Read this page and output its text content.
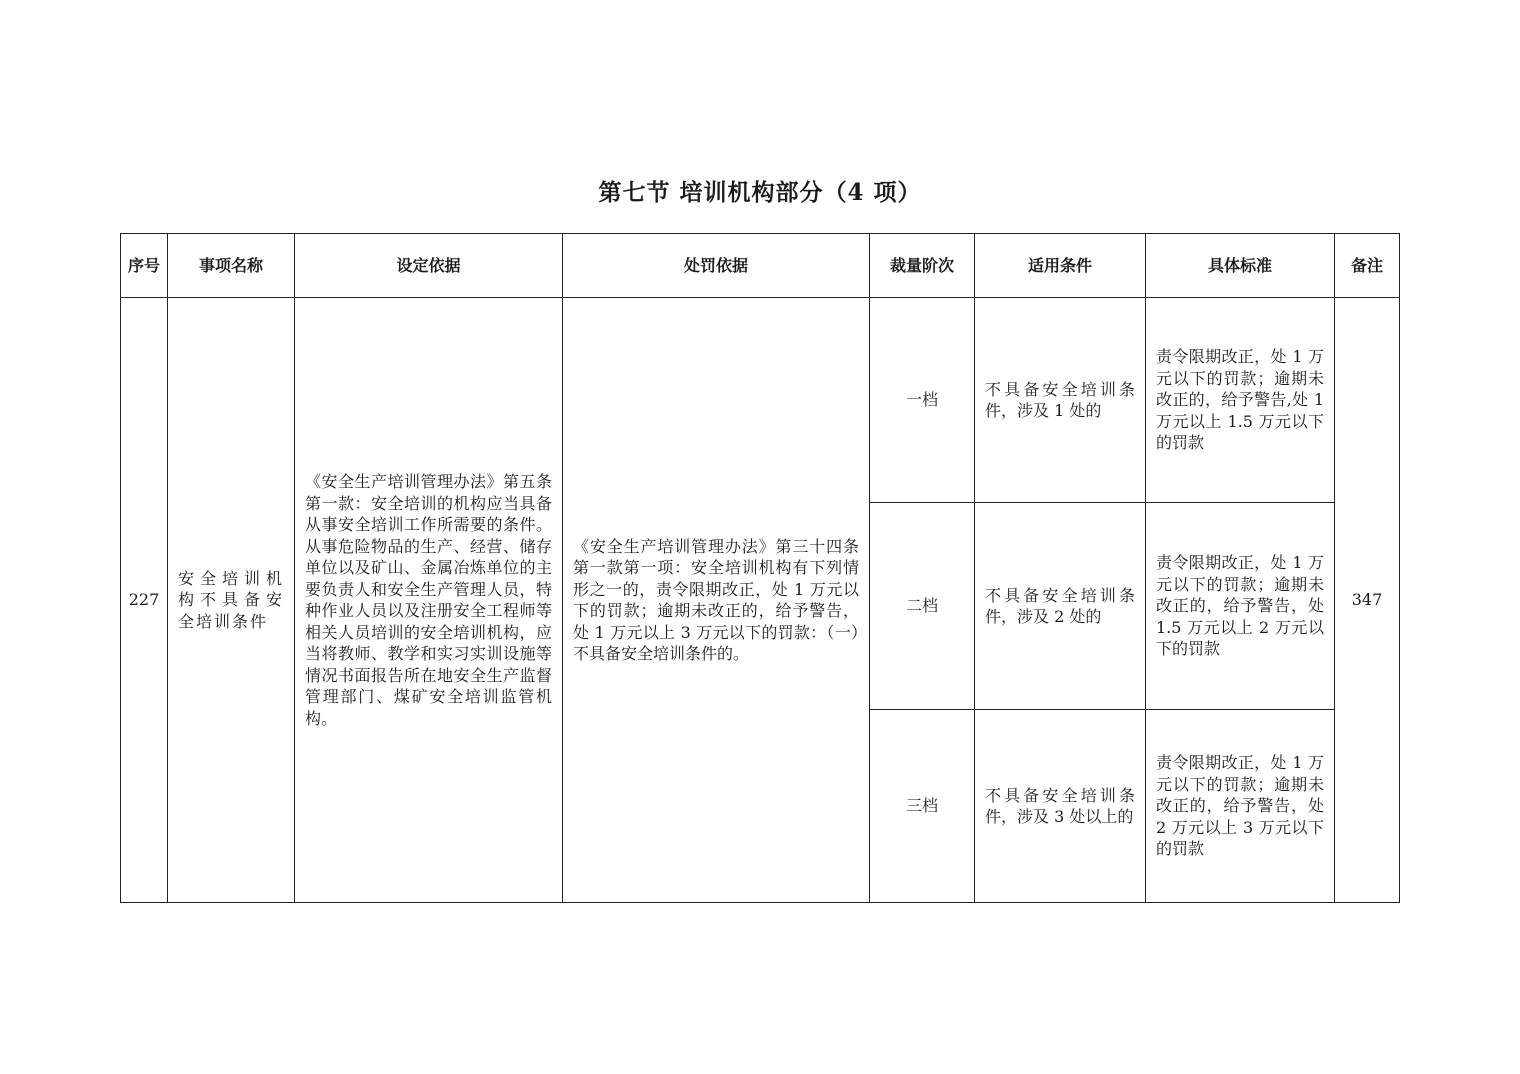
第七节 培训机构部分（4 项）
序号	事项名称	设定依据	处罚依据	裁量阶次	适用条件	具体标准	备注
227	安全培训机构不具备安全培训条件	《安全生产培训管理办法》第五条第一款：安全培训的机构应当具备从事安全培训工作所需要的条件。从事危险物品的生产、经营、储存单位以及矿山、金属冶炼单位的主要负责人和安全生产管理人员，特种作业人员以及注册安全工程师等相关人员培训的安全培训机构，应当将教师、教学和实习实训设施等情况书面报告所在地安全生产监督管理部门、煤矿安全培训监管机构。	《安全生产培训管理办法》第三十四条第一款第一项：安全培训机构有下列情形之一的，责令限期改正，处 1 万元以下的罚款；逾期未改正的，给予警告，处 1 万元以上 3 万元以下的罚款：（一）不具备安全培训条件的。	一档	不具备安全培训条件，涉及 1 处的	责令限期改正，处 1 万元以下的罚款；逾期未改正的，给予警告,处 1 万元以上 1.5 万元以下的罚款	347
				二档	不具备安全培训条件，涉及 2 处的	责令限期改正，处 1 万元以下的罚款；逾期未改正的，给予警告，处 1.5 万元以上 2 万元以下的罚款	
				三档	不具备安全培训条件，涉及 3 处以上的	责令限期改正，处 1 万元以下的罚款；逾期未改正的，给予警告，处 2 万元以上 3 万元以下的罚款	
